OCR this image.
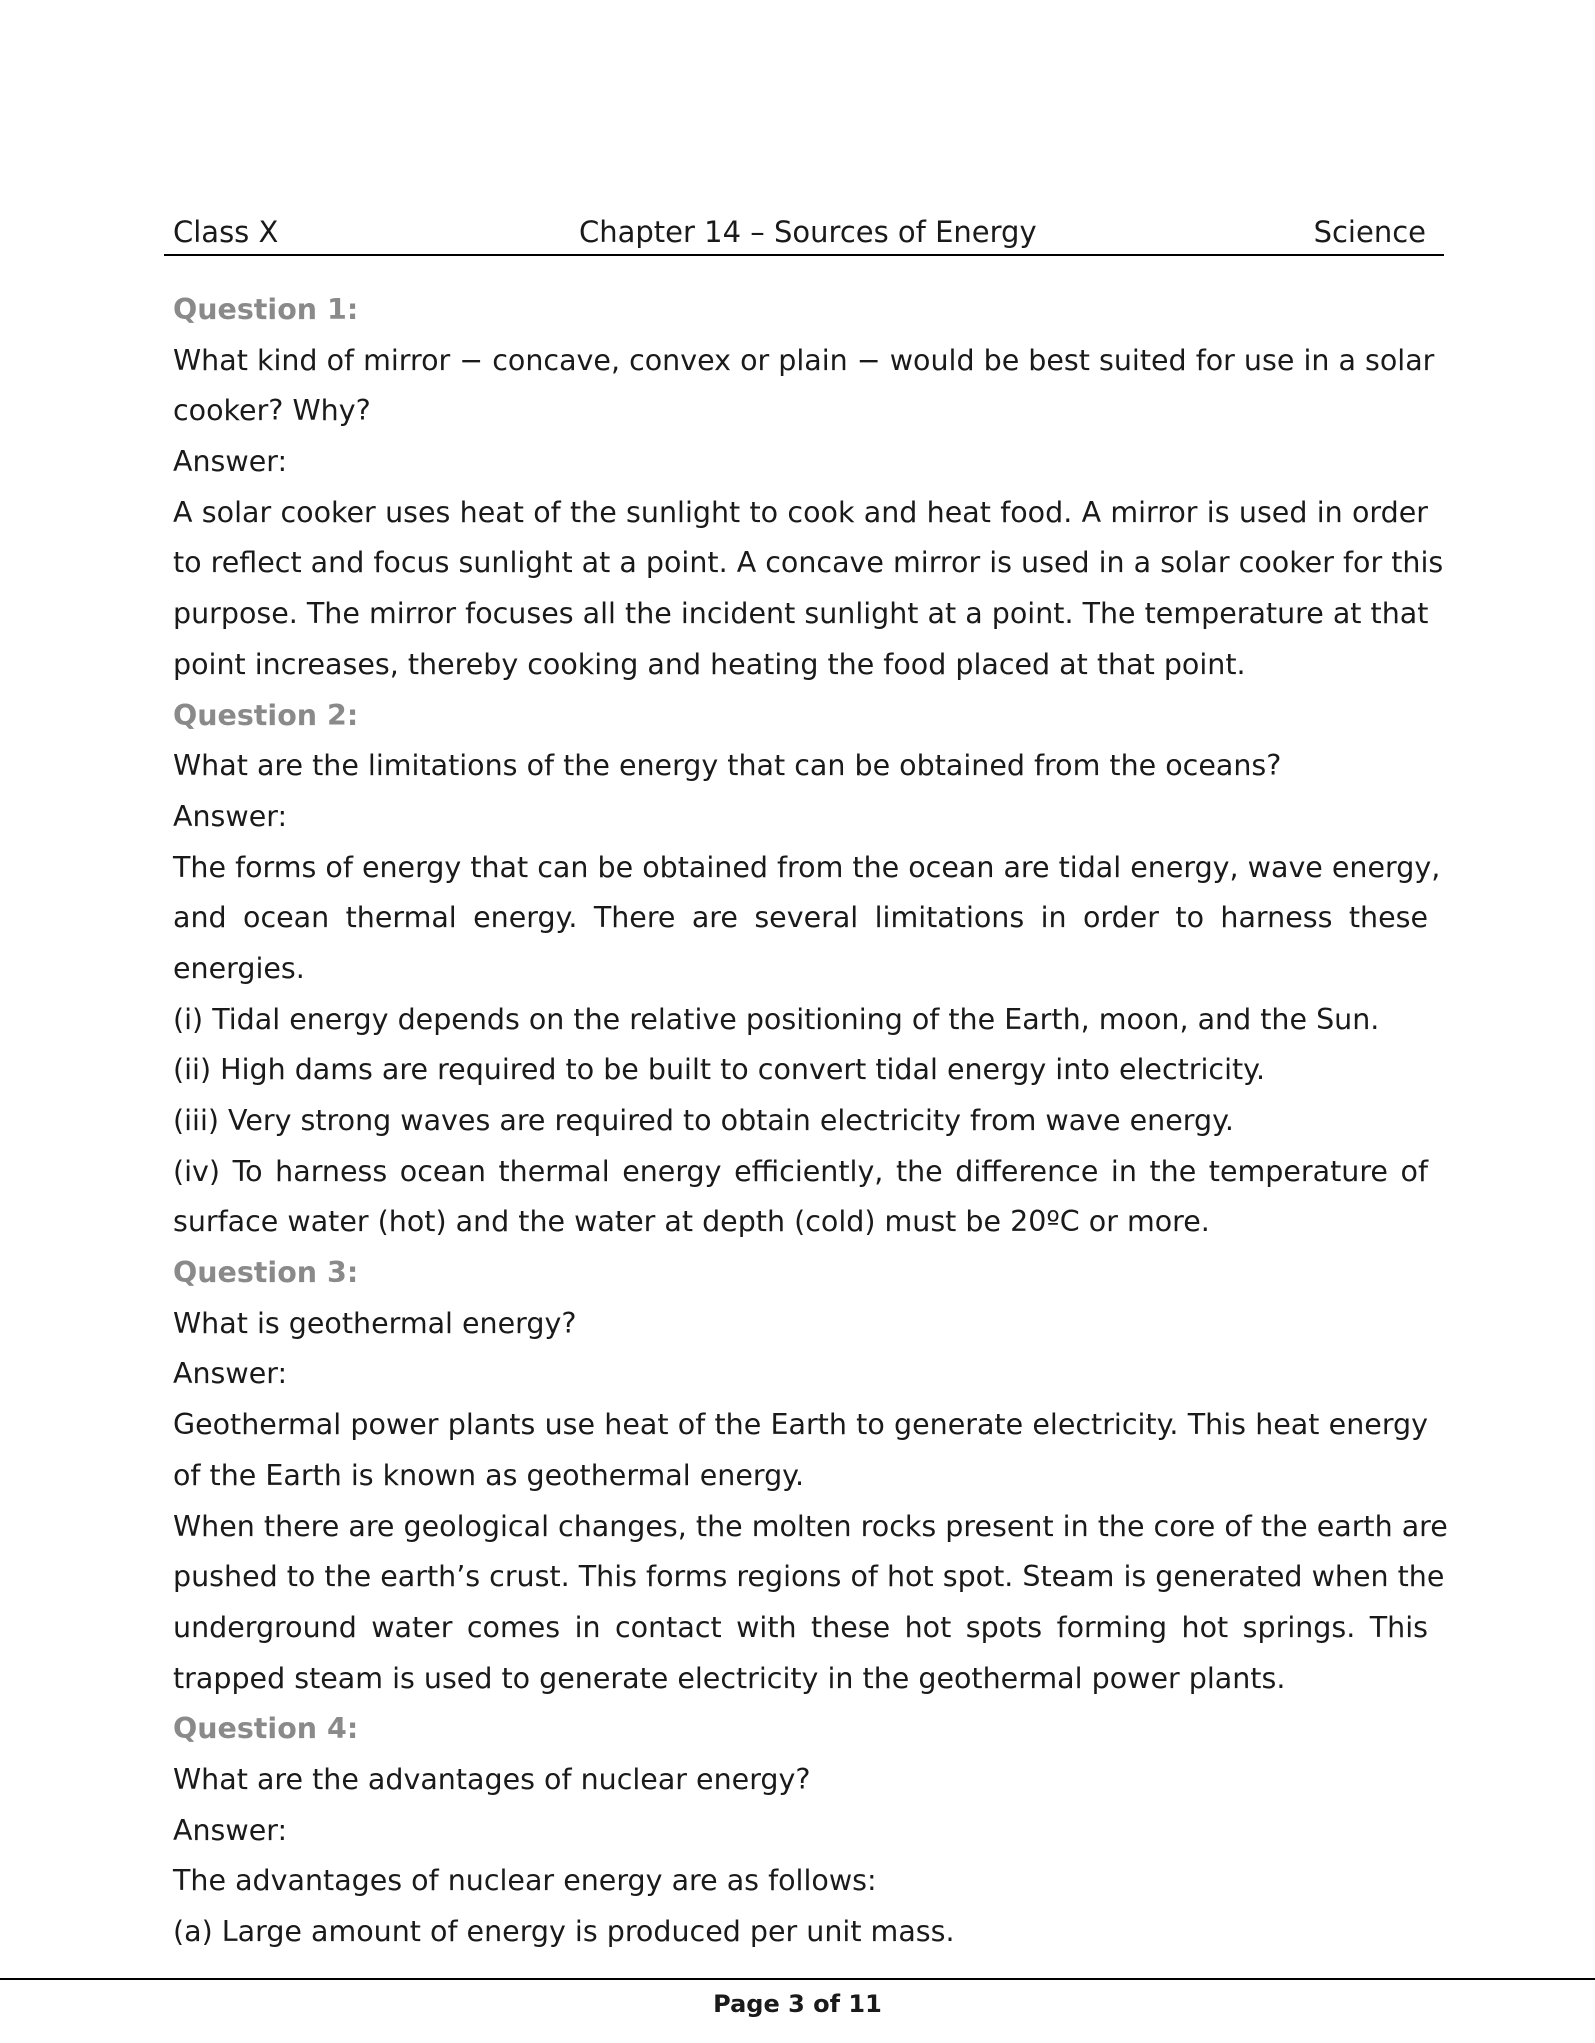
Class X	Chapter 14 – Sources of Energy	Science
Question 1:
What kind of mirror − concave, convex or plain − would be best suited for use in a solar
cooker? Why?
Answer:
A solar cooker uses heat of the sunlight to cook and heat food. A mirror is used in order
to reflect and focus sunlight at a point. A concave mirror is used in a solar cooker for this
purpose. The mirror focuses all the incident sunlight at a point. The temperature at that
point increases, thereby cooking and heating the food placed at that point.
Question 2:
What are the limitations of the energy that can be obtained from the oceans?
Answer:
The forms of energy that can be obtained from the ocean are tidal energy, wave energy,
and ocean thermal energy. There are several limitations in order to harness these
energies.
(i) Tidal energy depends on the relative positioning of the Earth, moon, and the Sun.
(ii) High dams are required to be built to convert tidal energy into electricity.
(iii) Very strong waves are required to obtain electricity from wave energy.
(iv) To harness ocean thermal energy efficiently, the difference in the temperature of
surface water (hot) and the water at depth (cold) must be 20ºC or more.
Question 3:
What is geothermal energy?
Answer:
Geothermal power plants use heat of the Earth to generate electricity. This heat energy
of the Earth is known as geothermal energy.
When there are geological changes, the molten rocks present in the core of the earth are
pushed to the earth’s crust. This forms regions of hot spot. Steam is generated when the
underground water comes in contact with these hot spots forming hot springs. This
trapped steam is used to generate electricity in the geothermal power plants.
Question 4:
What are the advantages of nuclear energy?
Answer:
The advantages of nuclear energy are as follows:
(a) Large amount of energy is produced per unit mass.
Page 3 of 11
